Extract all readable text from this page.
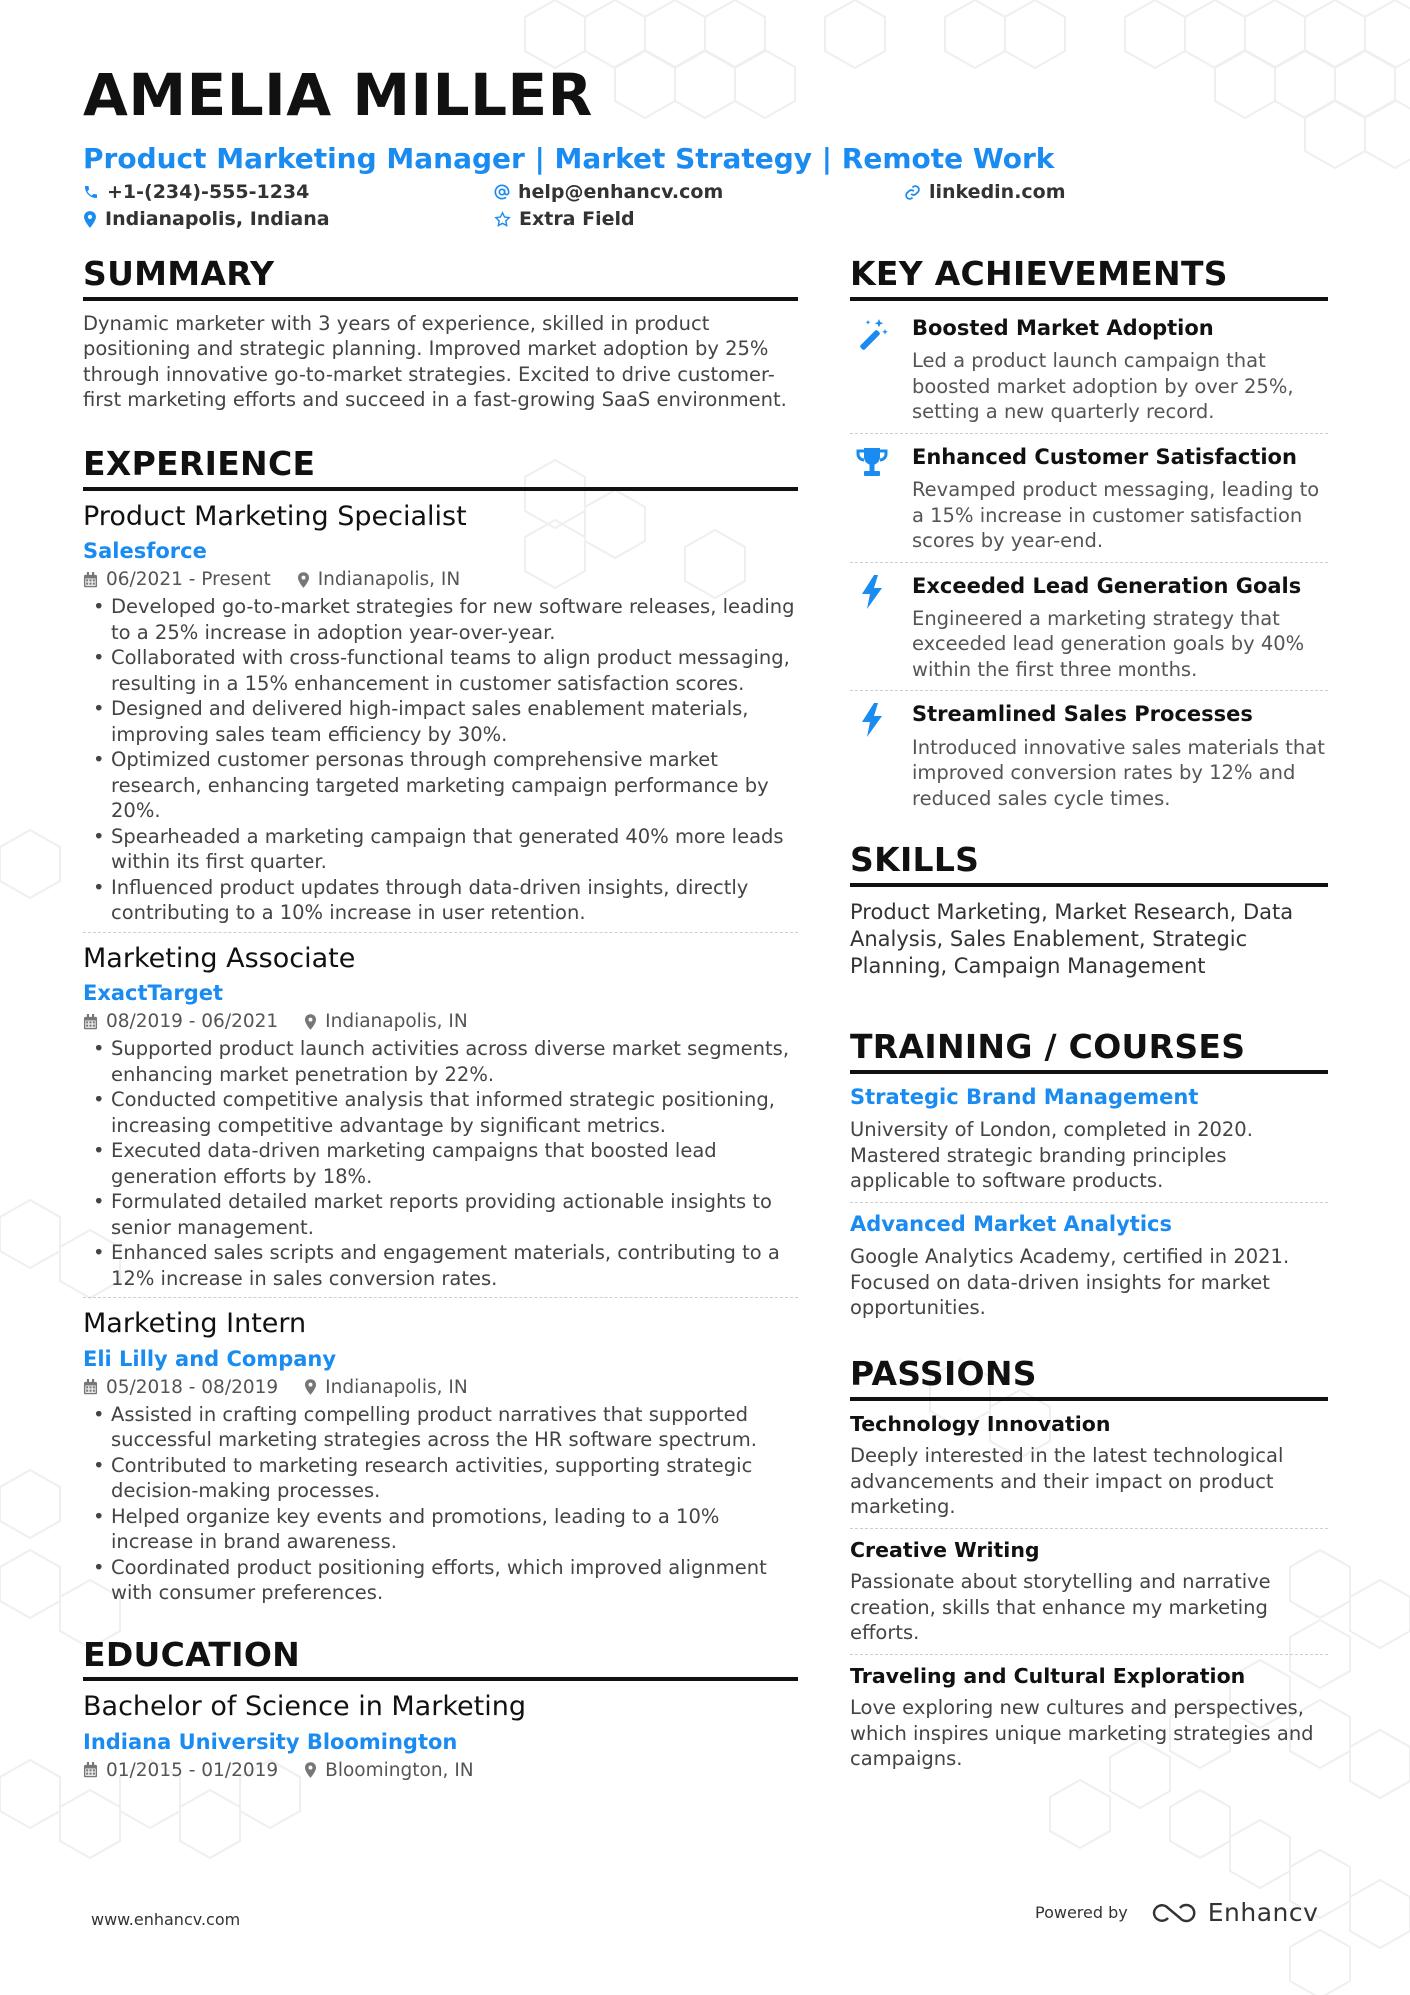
AMELIA MILLER
Product Marketing Manager | Market Strategy | Remote Work
+1-(234)-555-1234	help@enhancv.com	linkedin.com
Indianapolis, Indiana	Extra Field
SUMMARY
Dynamic marketer with 3 years of experience, skilled in product positioning and strategic planning. Improved market adoption by 25% through innovative go-to-market strategies. Excited to drive customer-first marketing efforts and succeed in a fast-growing SaaS environment.
EXPERIENCE
Product Marketing Specialist
Salesforce
06/2021 - Present	Indianapolis, IN
• Developed go-to-market strategies for new software releases, leading to a 25% increase in adoption year-over-year.
• Collaborated with cross-functional teams to align product messaging, resulting in a 15% enhancement in customer satisfaction scores.
• Designed and delivered high-impact sales enablement materials, improving sales team efficiency by 30%.
• Optimized customer personas through comprehensive market research, enhancing targeted marketing campaign performance by 20%.
• Spearheaded a marketing campaign that generated 40% more leads within its first quarter.
• Influenced product updates through data-driven insights, directly contributing to a 10% increase in user retention.
Marketing Associate
ExactTarget
08/2019 - 06/2021	Indianapolis, IN
• Supported product launch activities across diverse market segments, enhancing market penetration by 22%.
• Conducted competitive analysis that informed strategic positioning, increasing competitive advantage by significant metrics.
• Executed data-driven marketing campaigns that boosted lead generation efforts by 18%.
• Formulated detailed market reports providing actionable insights to senior management.
• Enhanced sales scripts and engagement materials, contributing to a 12% increase in sales conversion rates.
Marketing Intern
Eli Lilly and Company
05/2018 - 08/2019	Indianapolis, IN
• Assisted in crafting compelling product narratives that supported successful marketing strategies across the HR software spectrum.
• Contributed to marketing research activities, supporting strategic decision-making processes.
• Helped organize key events and promotions, leading to a 10% increase in brand awareness.
• Coordinated product positioning efforts, which improved alignment with consumer preferences.
EDUCATION
Bachelor of Science in Marketing
Indiana University Bloomington
01/2015 - 01/2019	Bloomington, IN
KEY ACHIEVEMENTS
Boosted Market Adoption
Led a product launch campaign that boosted market adoption by over 25%, setting a new quarterly record.
Enhanced Customer Satisfaction
Revamped product messaging, leading to a 15% increase in customer satisfaction scores by year-end.
Exceeded Lead Generation Goals
Engineered a marketing strategy that exceeded lead generation goals by 40% within the first three months.
Streamlined Sales Processes
Introduced innovative sales materials that improved conversion rates by 12% and reduced sales cycle times.
SKILLS
Product Marketing, Market Research, Data Analysis, Sales Enablement, Strategic Planning, Campaign Management
TRAINING / COURSES
Strategic Brand Management
University of London, completed in 2020. Mastered strategic branding principles applicable to software products.
Advanced Market Analytics
Google Analytics Academy, certified in 2021. Focused on data-driven insights for market opportunities.
PASSIONS
Technology Innovation
Deeply interested in the latest technological advancements and their impact on product marketing.
Creative Writing
Passionate about storytelling and narrative creation, skills that enhance my marketing efforts.
Traveling and Cultural Exploration
Love exploring new cultures and perspectives, which inspires unique marketing strategies and campaigns.
www.enhancv.com	Powered by	Enhancv
